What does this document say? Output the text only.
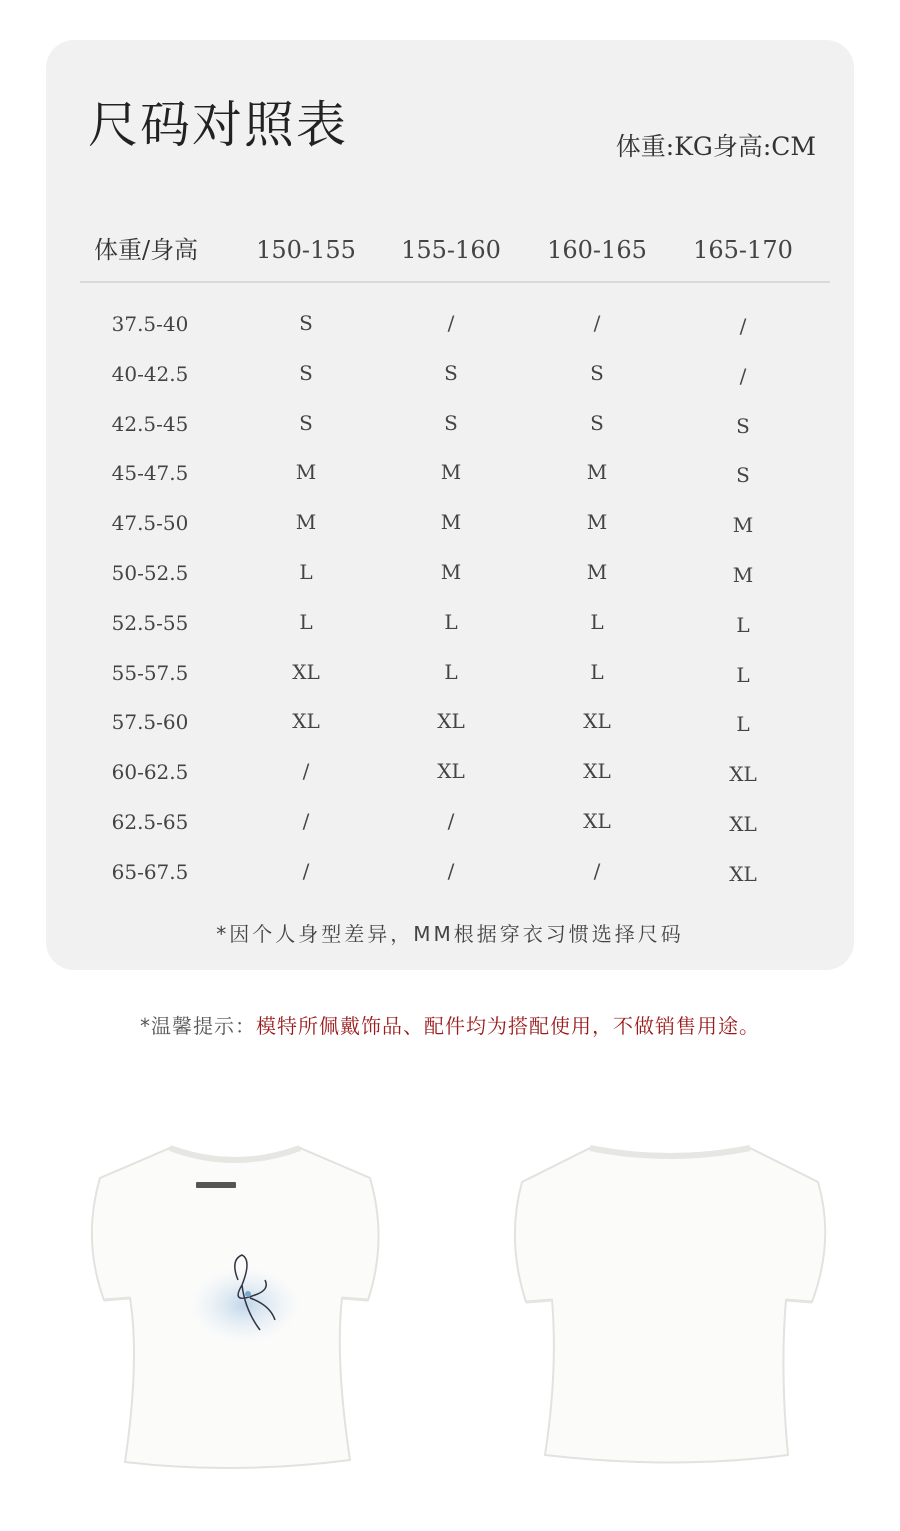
尺码对照表	体重:KG身高:CM
体重/身高	150-155	155-160	160-165	165-170
37.5-40	S	/	/	/
40-42.5	S	S	S	/
42.5-45	S	S	S	S
45-47.5	M	M	M	S
47.5-50	M	M	M	M
50-52.5	L	M	M	M
52.5-55	L	L	L	L
55-57.5	XL	L	L	L
57.5-60	XL	XL	XL	L
60-62.5	/	XL	XL	XL
62.5-65	/	/	XL	XL
65-67.5	/	/	/	XL
*因个人身型差异，MM根据穿衣习惯选择尺码
*温馨提示：模特所佩戴饰品、配件均为搭配使用，不做销售用途。
